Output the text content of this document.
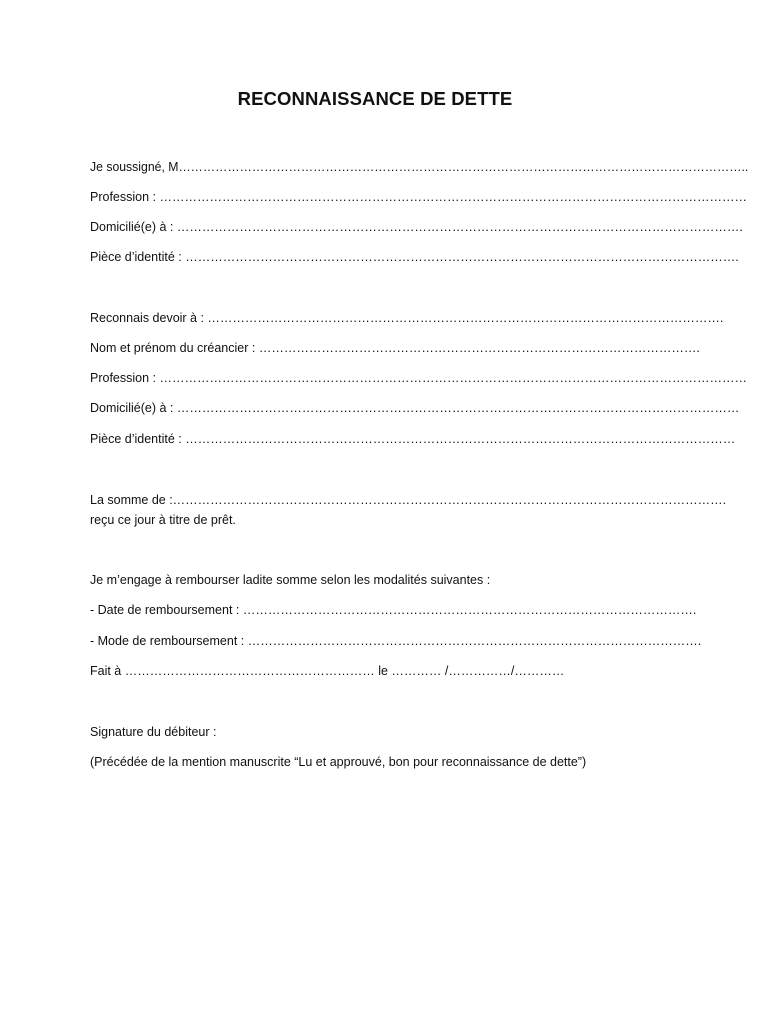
RECONNAISSANCE DE DETTE

Je soussigné, M…………………………………………………………………………………………………………………………..

Profession : ……………………………………………………………………………………………………………………………

Domicilié(e) à : ……………………………………………………………………………………………………………………….

Pièce d’identité : …………………………………………………………………………………………………………………….

Reconnais devoir à : …………………………………………………………………………………………………………….

Nom et prénom du créancier : …………………………………………………………………………………………….

Profession : ……………………………………………………………………………………………………………………………

Domicilié(e) à : ………………………………………………………………………………………………………………………

Pièce d’identité : ……………………………………………………………………………………………………………………

La somme de :…………………………………………………………………………………………………………………….

reçu ce jour à titre de prêt.

Je m’engage à rembourser ladite somme selon les modalités suivantes :

- Date de remboursement : ……………………………………………………………………………………………….

- Mode de remboursement : ……………………………………………………………………………………………….

Fait à …………………………………………………… le ………… /……………/…………

Signature du débiteur :

(Précédée de la mention manuscrite “Lu et approuvé, bon pour reconnaissance de dette”)
